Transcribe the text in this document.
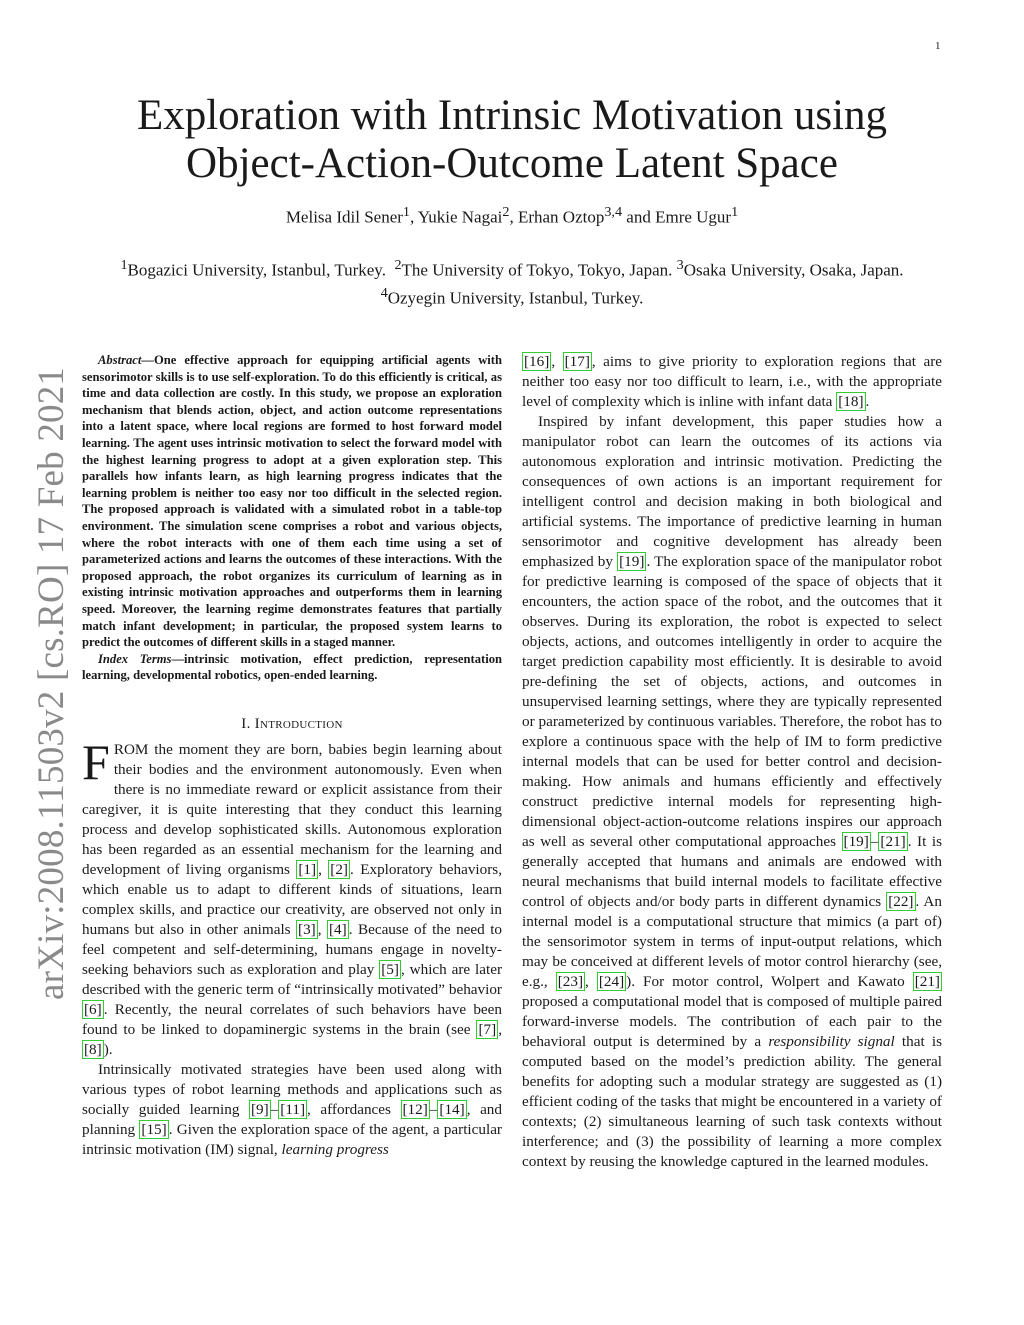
1
arXiv:2008.11503v2 [cs.RO] 17 Feb 2021
Exploration with Intrinsic Motivation using
Object-Action-Outcome Latent Space
Melisa Idil Sener$^1$, Yukie Nagai$^2$, Erhan Oztop$^{3,4}$ and Emre Ugur$^1$
$^1$Bogazici University, Istanbul, Turkey. $^2$The University of Tokyo, Tokyo, Japan. $^3$Osaka University, Osaka, Japan. $^4$Ozyegin University, Istanbul, Turkey.

Abstract—One effective approach for equipping artificial agents with sensorimotor skills is to use self-exploration. To do this efficiently is critical, as time and data collection are costly. In this study, we propose an exploration mechanism that blends action, object, and action outcome representations into a latent space, where local regions are formed to host forward model learning. The agent uses intrinsic motivation to select the forward model with the highest learning progress to adopt at a given exploration step. This parallels how infants learn, as high learning progress indicates that the learning problem is neither too easy nor too difficult in the selected region. The proposed approach is validated with a simulated robot in a table-top environment. The simulation scene comprises a robot and various objects, where the robot interacts with one of them each time using a set of parameterized actions and learns the outcomes of these interactions. With the proposed approach, the robot organizes its curriculum of learning as in existing intrinsic motivation approaches and outperforms them in learning speed. Moreover, the learning regime demonstrates features that partially match infant development; in particular, the proposed system learns to predict the outcomes of different skills in a staged manner.

Index Terms—intrinsic motivation, effect prediction, representation learning, developmental robotics, open-ended learning.

I. Introduction

FROM the moment they are born, babies begin learning about their bodies and the environment autonomously. Even when there is no immediate reward or explicit assistance from their caregiver, it is quite interesting that they conduct this learning process and develop sophisticated skills. Autonomous exploration has been regarded as an essential mechanism for the learning and development of living organisms [1] , [2] . Exploratory behaviors, which enable us to adapt to different kinds of situations, learn complex skills, and practice our creativity, are observed not only in humans but also in other animals [3] , [4] . Because of the need to feel competent and self-determining, humans engage in novelty-seeking behaviors such as exploration and play [5] , which are later described with the generic term of “intrinsically motivated” behavior [6] . Recently, the neural correlates of such behaviors have been found to be linked to dopaminergic systems in the brain (see [7] , [8] ).

Intrinsically motivated strategies have been used along with various types of robot learning methods and applications such as socially guided learning [9] – [11] , affordances [12] – [14] , and planning [15] . Given the exploration space of the agent, a particular intrinsic motivation (IM) signal, learning progress

[16] , [17] , aims to give priority to exploration regions that are neither too easy nor too difficult to learn, i.e., with the appropriate level of complexity which is inline with infant data [18] .

Inspired by infant development, this paper studies how a manipulator robot can learn the outcomes of its actions via autonomous exploration and intrinsic motivation. Predicting the consequences of own actions is an important requirement for intelligent control and decision making in both biological and artificial systems. The importance of predictive learning in human sensorimotor and cognitive development has already been emphasized by [19] . The exploration space of the manipulator robot for predictive learning is composed of the space of objects that it encounters, the action space of the robot, and the outcomes that it observes. During its exploration, the robot is expected to select objects, actions, and outcomes intelligently in order to acquire the target prediction capability most efficiently. It is desirable to avoid pre-defining the set of objects, actions, and outcomes in unsupervised learning settings, where they are typically represented or parameterized by continuous variables. Therefore, the robot has to explore a continuous space with the help of IM to form predictive internal models that can be used for better control and decision-making. How animals and humans efficiently and effectively construct predictive internal models for representing high-dimensional object-action-outcome relations inspires our approach as well as several other computational approaches [19] – [21] . It is generally accepted that humans and animals are endowed with neural mechanisms that build internal models to facilitate effective control of objects and/or body parts in different dynamics [22] . An internal model is a computational structure that mimics (a part of) the sensorimotor system in terms of input-output relations, which may be conceived at different levels of motor control hierarchy (see, e.g., [23] , [24] ). For motor control, Wolpert and Kawato [21] proposed a computational model that is composed of multiple paired forward-inverse models. The contribution of each pair to the behavioral output is determined by a responsibility signal that is computed based on the model’s prediction ability. The general benefits for adopting such a modular strategy are suggested as (1) efficient coding of the tasks that might be encountered in a variety of contexts; (2) simultaneous learning of such task contexts without interference; and (3) the possibility of learning a more complex context by reusing the knowledge captured in the learned modules.
